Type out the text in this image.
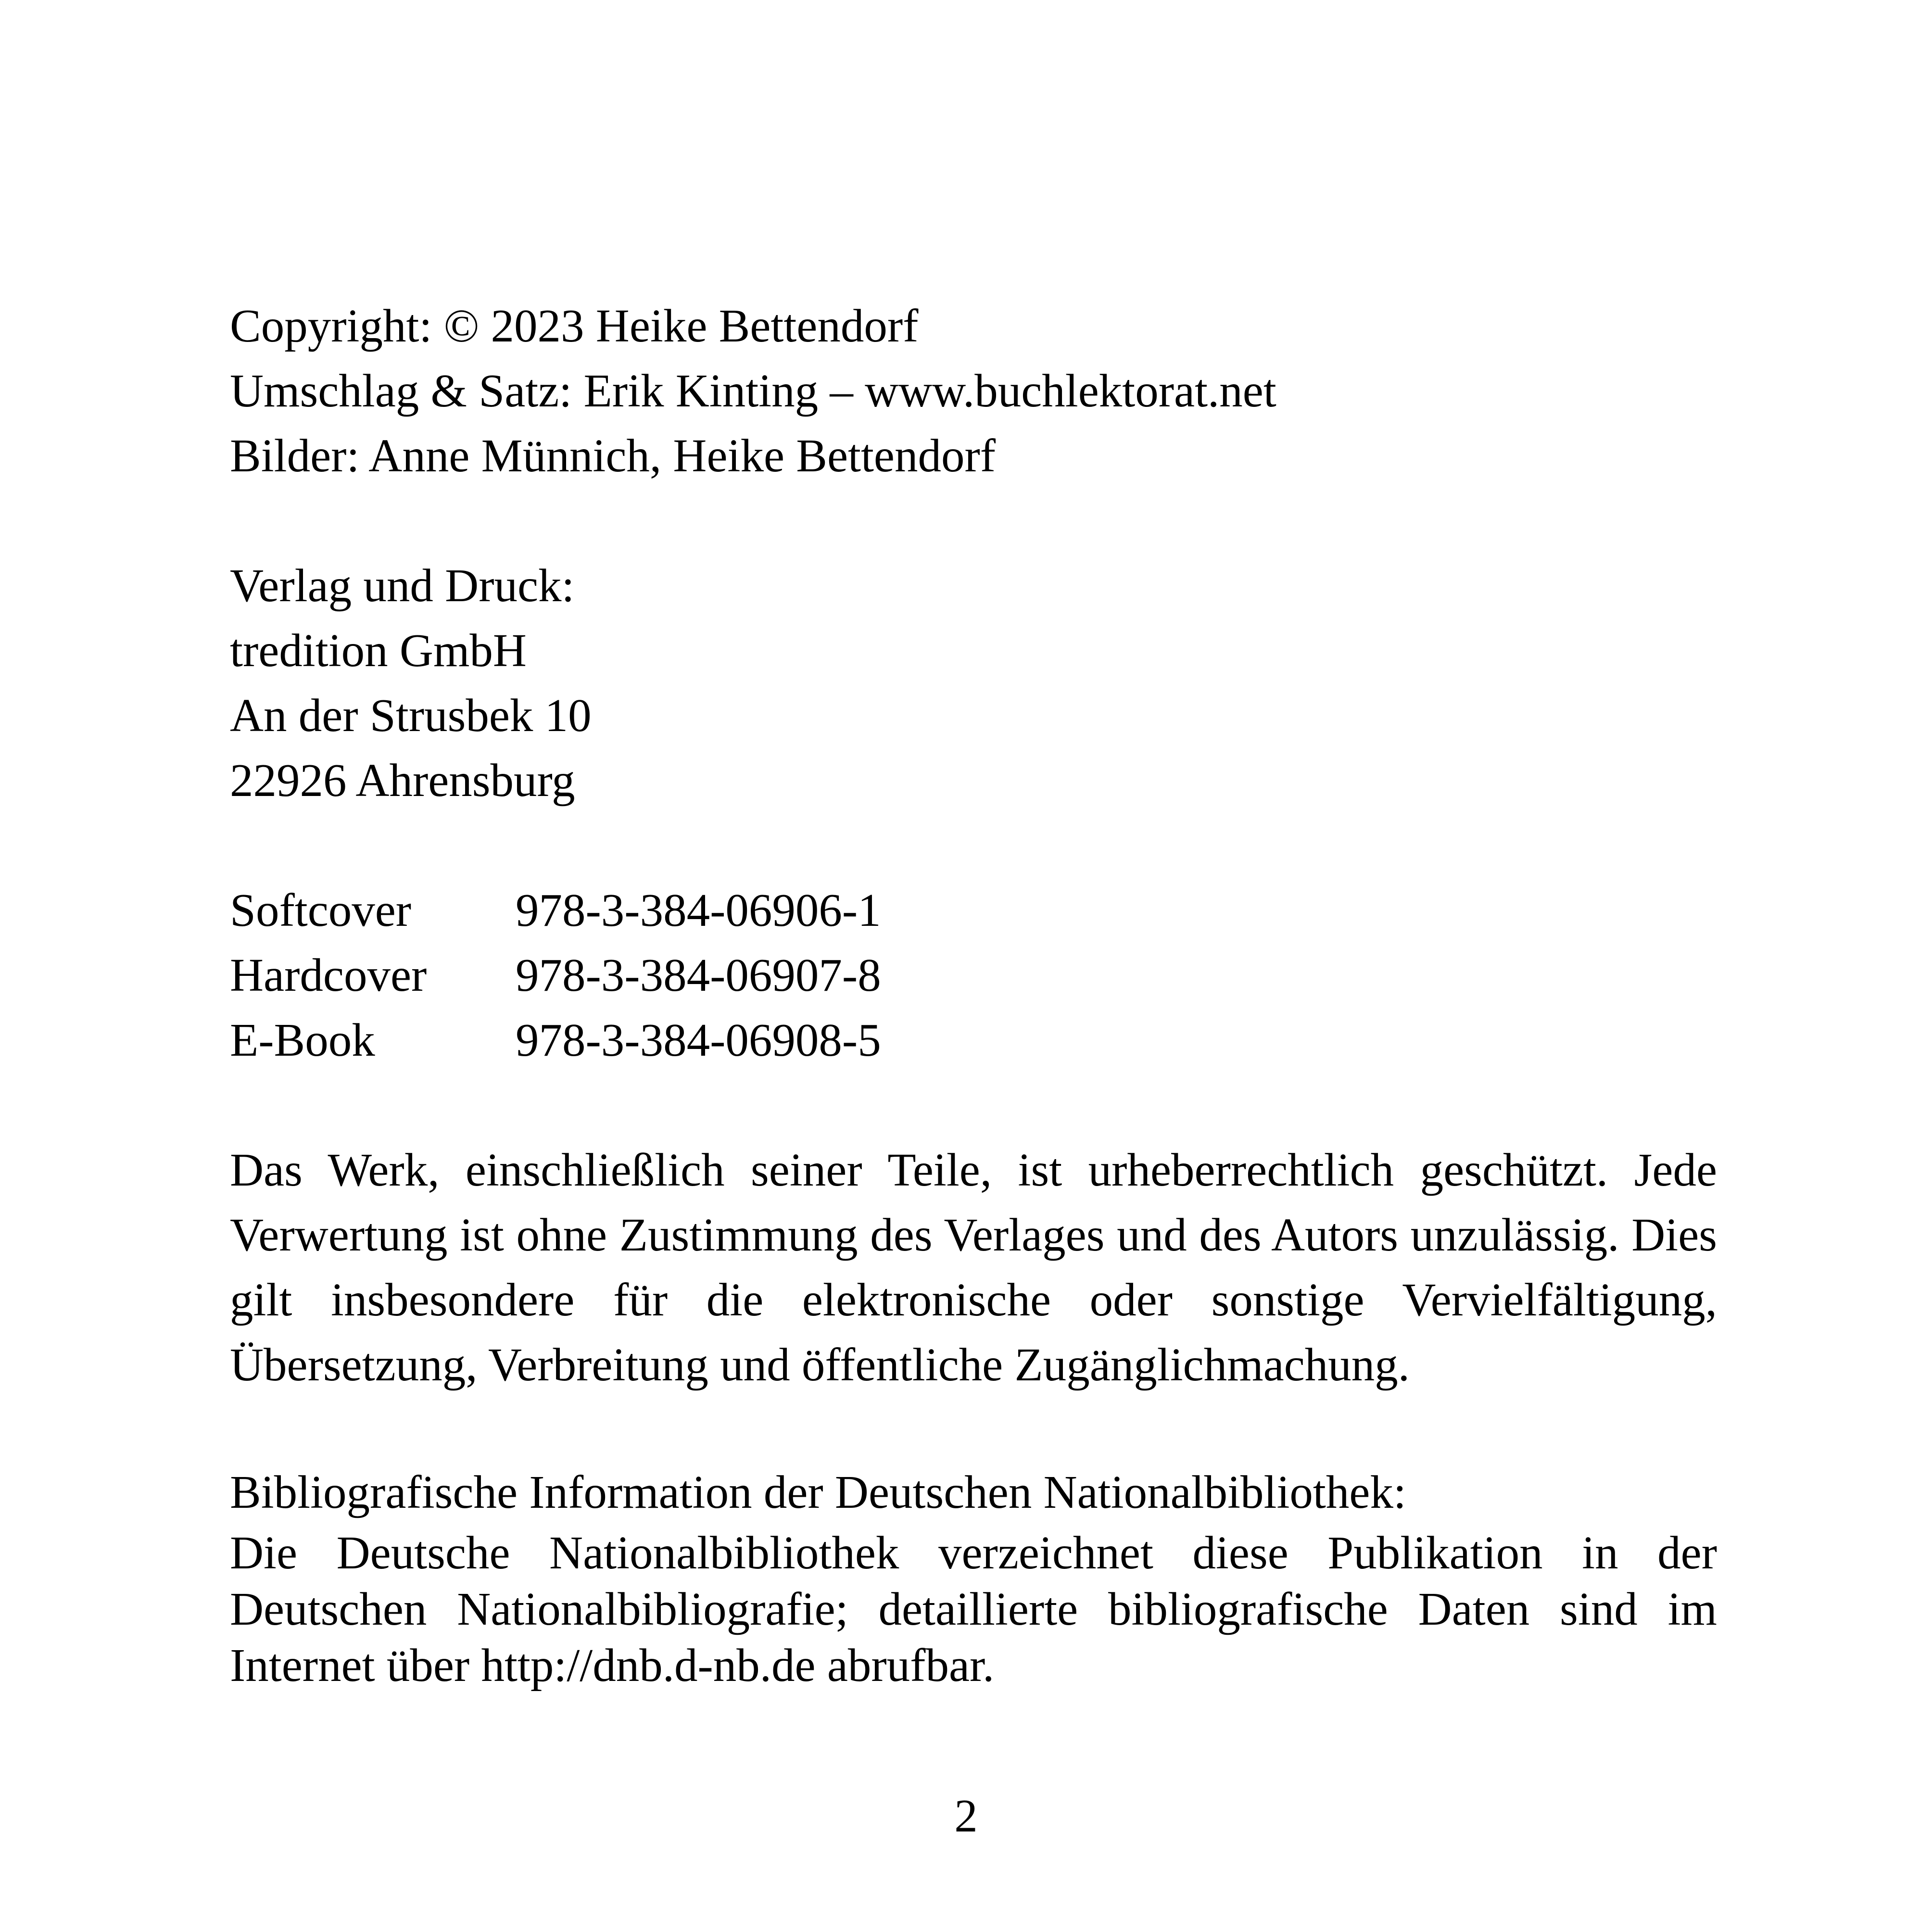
Copyright: © 2023 Heike Bettendorf
Umschlag & Satz: Erik Kinting – www.buchlektorat.net
Bilder: Anne Münnich, Heike Bettendorf
Verlag und Druck:
tredition GmbH
An der Strusbek 10
22926 Ahrensburg
Softcover	978-3-384-06906-1
Hardcover	978-3-384-06907-8
E-Book	978-3-384-06908-5
Das Werk, einschließlich seiner Teile, ist urheberrechtlich geschützt. Jede Verwertung ist ohne Zustimmung des Verlages und des Autors unzulässig. Dies gilt insbesondere für die elektronische oder sonstige Vervielfältigung, Übersetzung, Verbreitung und öffentliche Zugänglichmachung.
Bibliografische Information der Deutschen Nationalbibliothek:
Die Deutsche Nationalbibliothek verzeichnet diese Publikation in der Deutschen Nationalbibliografie; detaillierte bibliografische Daten sind im Internet über http://dnb.d-nb.de abrufbar.
2
